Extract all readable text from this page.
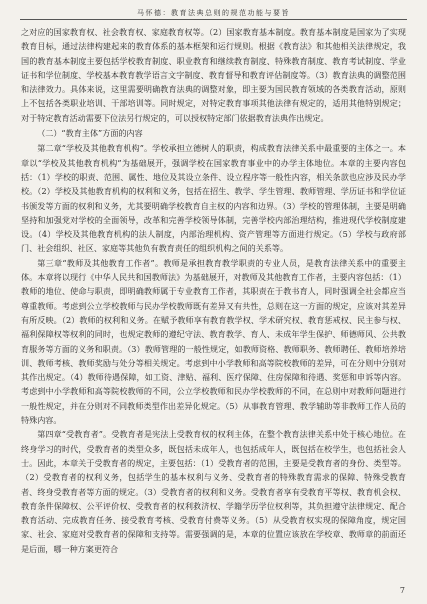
马怀德：教育法典总则的规范功能与要旨

之对应的国家教育权、社会教育权、家庭教育权等。（2）国家教育基本制度。教育基本制度是国家为了实现教育目标，通过法律构建起来的教育体系的基本框架和运行规则。根据《教育法》和其他相关法律规定，我国的教育基本制度主要包括学校教育制度、职业教育和继续教育制度、特殊教育制度、教育考试制度、学业证书和学位制度、学校基本教育教学语言文字制度、教育督导和教育评估制度等。（3）教育法典的调整范围和法律效力。具体来说，这里需要明确教育法典的调整对象，即主要为国民教育领域的各类教育活动，原则上不包括各类职业培训、干部培训等。同时规定，对特定教育事项其他法律有规定的，适用其他特别规定；对于特定教育活动需要下位法另行规定的，可以授权特定部门依据教育法典作出规定。

（二）“教育主体”方面的内容

第二章“学校及其他教育机构”。学校承担立德树人的职责，构成教育法律关系中最重要的主体之一。本章以“学校及其他教育机构”为基础展开，强调学校在国家教育事业中的办学主体地位。本章的主要内容包括：（1）学校的职责、范围、属性、地位及其设立条件、设立程序等一般性内容，相关条款也应涉及民办学校。（2）学校及其他教育机构的权利和义务，包括在招生、教学、学生管理、教师管理、学历证书和学位证书颁发等方面的权利和义务，尤其要明确学校教育自主权的内容和边界。（3）学校的管理体制，主要是明确坚持和加强党对学校的全面领导，改革和完善学校领导体制，完善学校内部治理结构，推进现代学校制度建设。（4）学校及其他教育机构的法人制度，内部治理机构、资产管理等方面进行规定。（5）学校与政府部门、社会组织、社区、家庭等其他负有教育责任的组织机构之间的关系等。

第三章“教师及其他教育工作者”。教师是承担教育教学职责的专业人员，是教育法律关系中的重要主体。本章将以现行《中华人民共和国教师法》为基础展开，对教师及其他教育工作者，主要内容包括：（1）教师的地位、使命与职责，即明确教师属于专业教育工作者，其职责在于教书育人，同时强调全社会都应当尊重教师。考虑到公立学校教师与民办学校教师既有差异又有共性，总则在这一方面的规定，应该对其差异有所反映。（2）教师的权利和义务。在赋予教师享有教育教学权、学术研究权、教育惩戒权、民主参与权、福利保障权等权利的同时，也规定教师的遵纪守法、教育教学、育人、未成年学生保护、师德师风、公共教育服务等方面的义务和职责。（3）教师管理的一般性规定，如教师资格、教师职务、教师聘任、教师培养培训、教师考核、教师奖励与处分等相关规定。考虑到中小学教师和高等院校教师的差异，可在分则中分别对其作出规定。（4）教师待遇保障，如工资、津贴、福利、医疗保障、住房保障和待遇、奖惩和申诉等内容。考虑到中小学教师和高等院校教师的不同，公立学校教师和民办学校教师的不同，在总则中对教师问题进行一般性规定，并在分则对不同教师类型作出差异化规定。（5）从事教育管理、教学辅助等非教师工作人员的特殊内容。

第四章“受教育者”。受教育者是宪法上受教育权的权利主体，在整个教育法律关系中处于核心地位。在终身学习的时代，受教育者的类型众多，既包括未成年人，也包括成年人，既包括在校学生，也包括社会人士。因此，本章关于受教育者的规定，主要包括：（1）受教育者的范围，主要是受教育者的身份、类型等。（2）受教育者的权利义务，包括学生的基本权利与义务、受教育者的特殊教育需求的保障、特殊受教育者、终身受教育者等方面的规定。（3）受教育者的权利和义务。受教育者享有受教育平等权、教育机会权、教育条件保障权、公平评价权、受教育者的权利救济权、学籍学历学位权利等，其负担遵守法律规定、配合教育活动、完成教育任务、接受教育考核、受教育付费等义务。（5）从受教育权实现的保障角度，规定国家、社会、家庭对受教育者的保障和支持等。需要强调的是，本章的位置应该放在学校章、教师章的前面还是后面，哪一种方案更符合

7
